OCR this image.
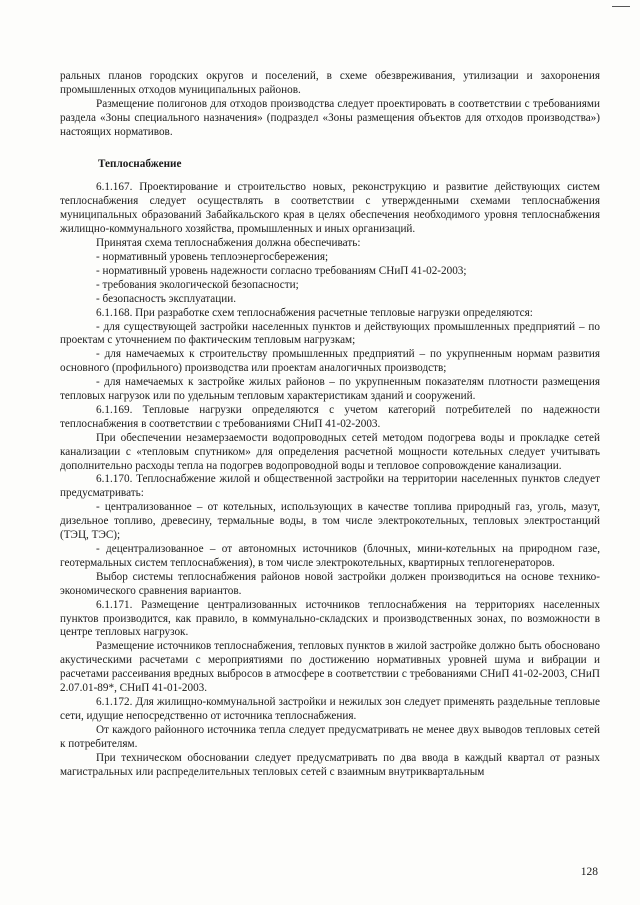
ральных планов городских округов и поселений, в схеме обезвреживания, утилизации и захоронения промышленных отходов муниципальных районов.

Размещение полигонов для отходов производства следует проектировать в соответствии с требованиями раздела «Зоны специального назначения» (подраздел «Зоны размещения объектов для отходов производства») настоящих нормативов.

Теплоснабжение

6.1.167. Проектирование и строительство новых, реконструкцию и развитие действующих систем теплоснабжения следует осуществлять в соответствии с утвержденными схемами теплоснабжения муниципальных образований Забайкальского края в целях обеспечения необходимого уровня теплоснабжения жилищно-коммунального хозяйства, промышленных и иных организаций.

Принятая схема теплоснабжения должна обеспечивать:

- нормативный уровень теплоэнергосбережения;

- нормативный уровень надежности согласно требованиям СНиП 41-02-2003;

- требования экологической безопасности;

- безопасность эксплуатации.

6.1.168. При разработке схем теплоснабжения расчетные тепловые нагрузки определяются:

- для существующей застройки населенных пунктов и действующих промышленных предприятий – по проектам с уточнением по фактическим тепловым нагрузкам;

- для намечаемых к строительству промышленных предприятий – по укрупненным нормам развития основного (профильного) производства или проектам аналогичных производств;

- для намечаемых к застройке жилых районов – по укрупненным показателям плотности размещения тепловых нагрузок или по удельным тепловым характеристикам зданий и сооружений.

6.1.169. Тепловые нагрузки определяются с учетом категорий потребителей по надежности теплоснабжения в соответствии с требованиями СНиП 41-02-2003.

При обеспечении незамерзаемости водопроводных сетей методом подогрева воды и прокладке сетей канализации с «тепловым спутником» для определения расчетной мощности котельных следует учитывать дополнительно расходы тепла на подогрев водопроводной воды и тепловое сопровождение канализации.

6.1.170. Теплоснабжение жилой и общественной застройки на территории населенных пунктов следует предусматривать:

- централизованное – от котельных, использующих в качестве топлива природный газ, уголь, мазут, дизельное топливо, древесину, термальные воды, в том числе электрокотельных, тепловых электростанций (ТЭЦ, ТЭС);

- децентрализованное – от автономных источников (блочных, мини-котельных на природном газе, геотермальных систем теплоснабжения), в том числе электрокотельных, квартирных теплогенераторов.

Выбор системы теплоснабжения районов новой застройки должен производиться на основе технико-экономического сравнения вариантов.

6.1.171. Размещение централизованных источников теплоснабжения на территориях населенных пунктов производится, как правило, в коммунально-складских и производственных зонах, по возможности в центре тепловых нагрузок.

Размещение источников теплоснабжения, тепловых пунктов в жилой застройке должно быть обосновано акустическими расчетами с мероприятиями по достижению нормативных уровней шума и вибрации и расчетами рассеивания вредных выбросов в атмосфере в соответствии с требованиями СНиП 41-02-2003, СНиП 2.07.01-89*, СНиП 41-01-2003.

6.1.172. Для жилищно-коммунальной застройки и нежилых зон следует применять раздельные тепловые сети, идущие непосредственно от источника теплоснабжения.

От каждого районного источника тепла следует предусматривать не менее двух выводов тепловых сетей к потребителям.

При техническом обосновании следует предусматривать по два ввода в каждый квартал от разных магистральных или распределительных тепловых сетей с взаимным внутриквартальным

128
